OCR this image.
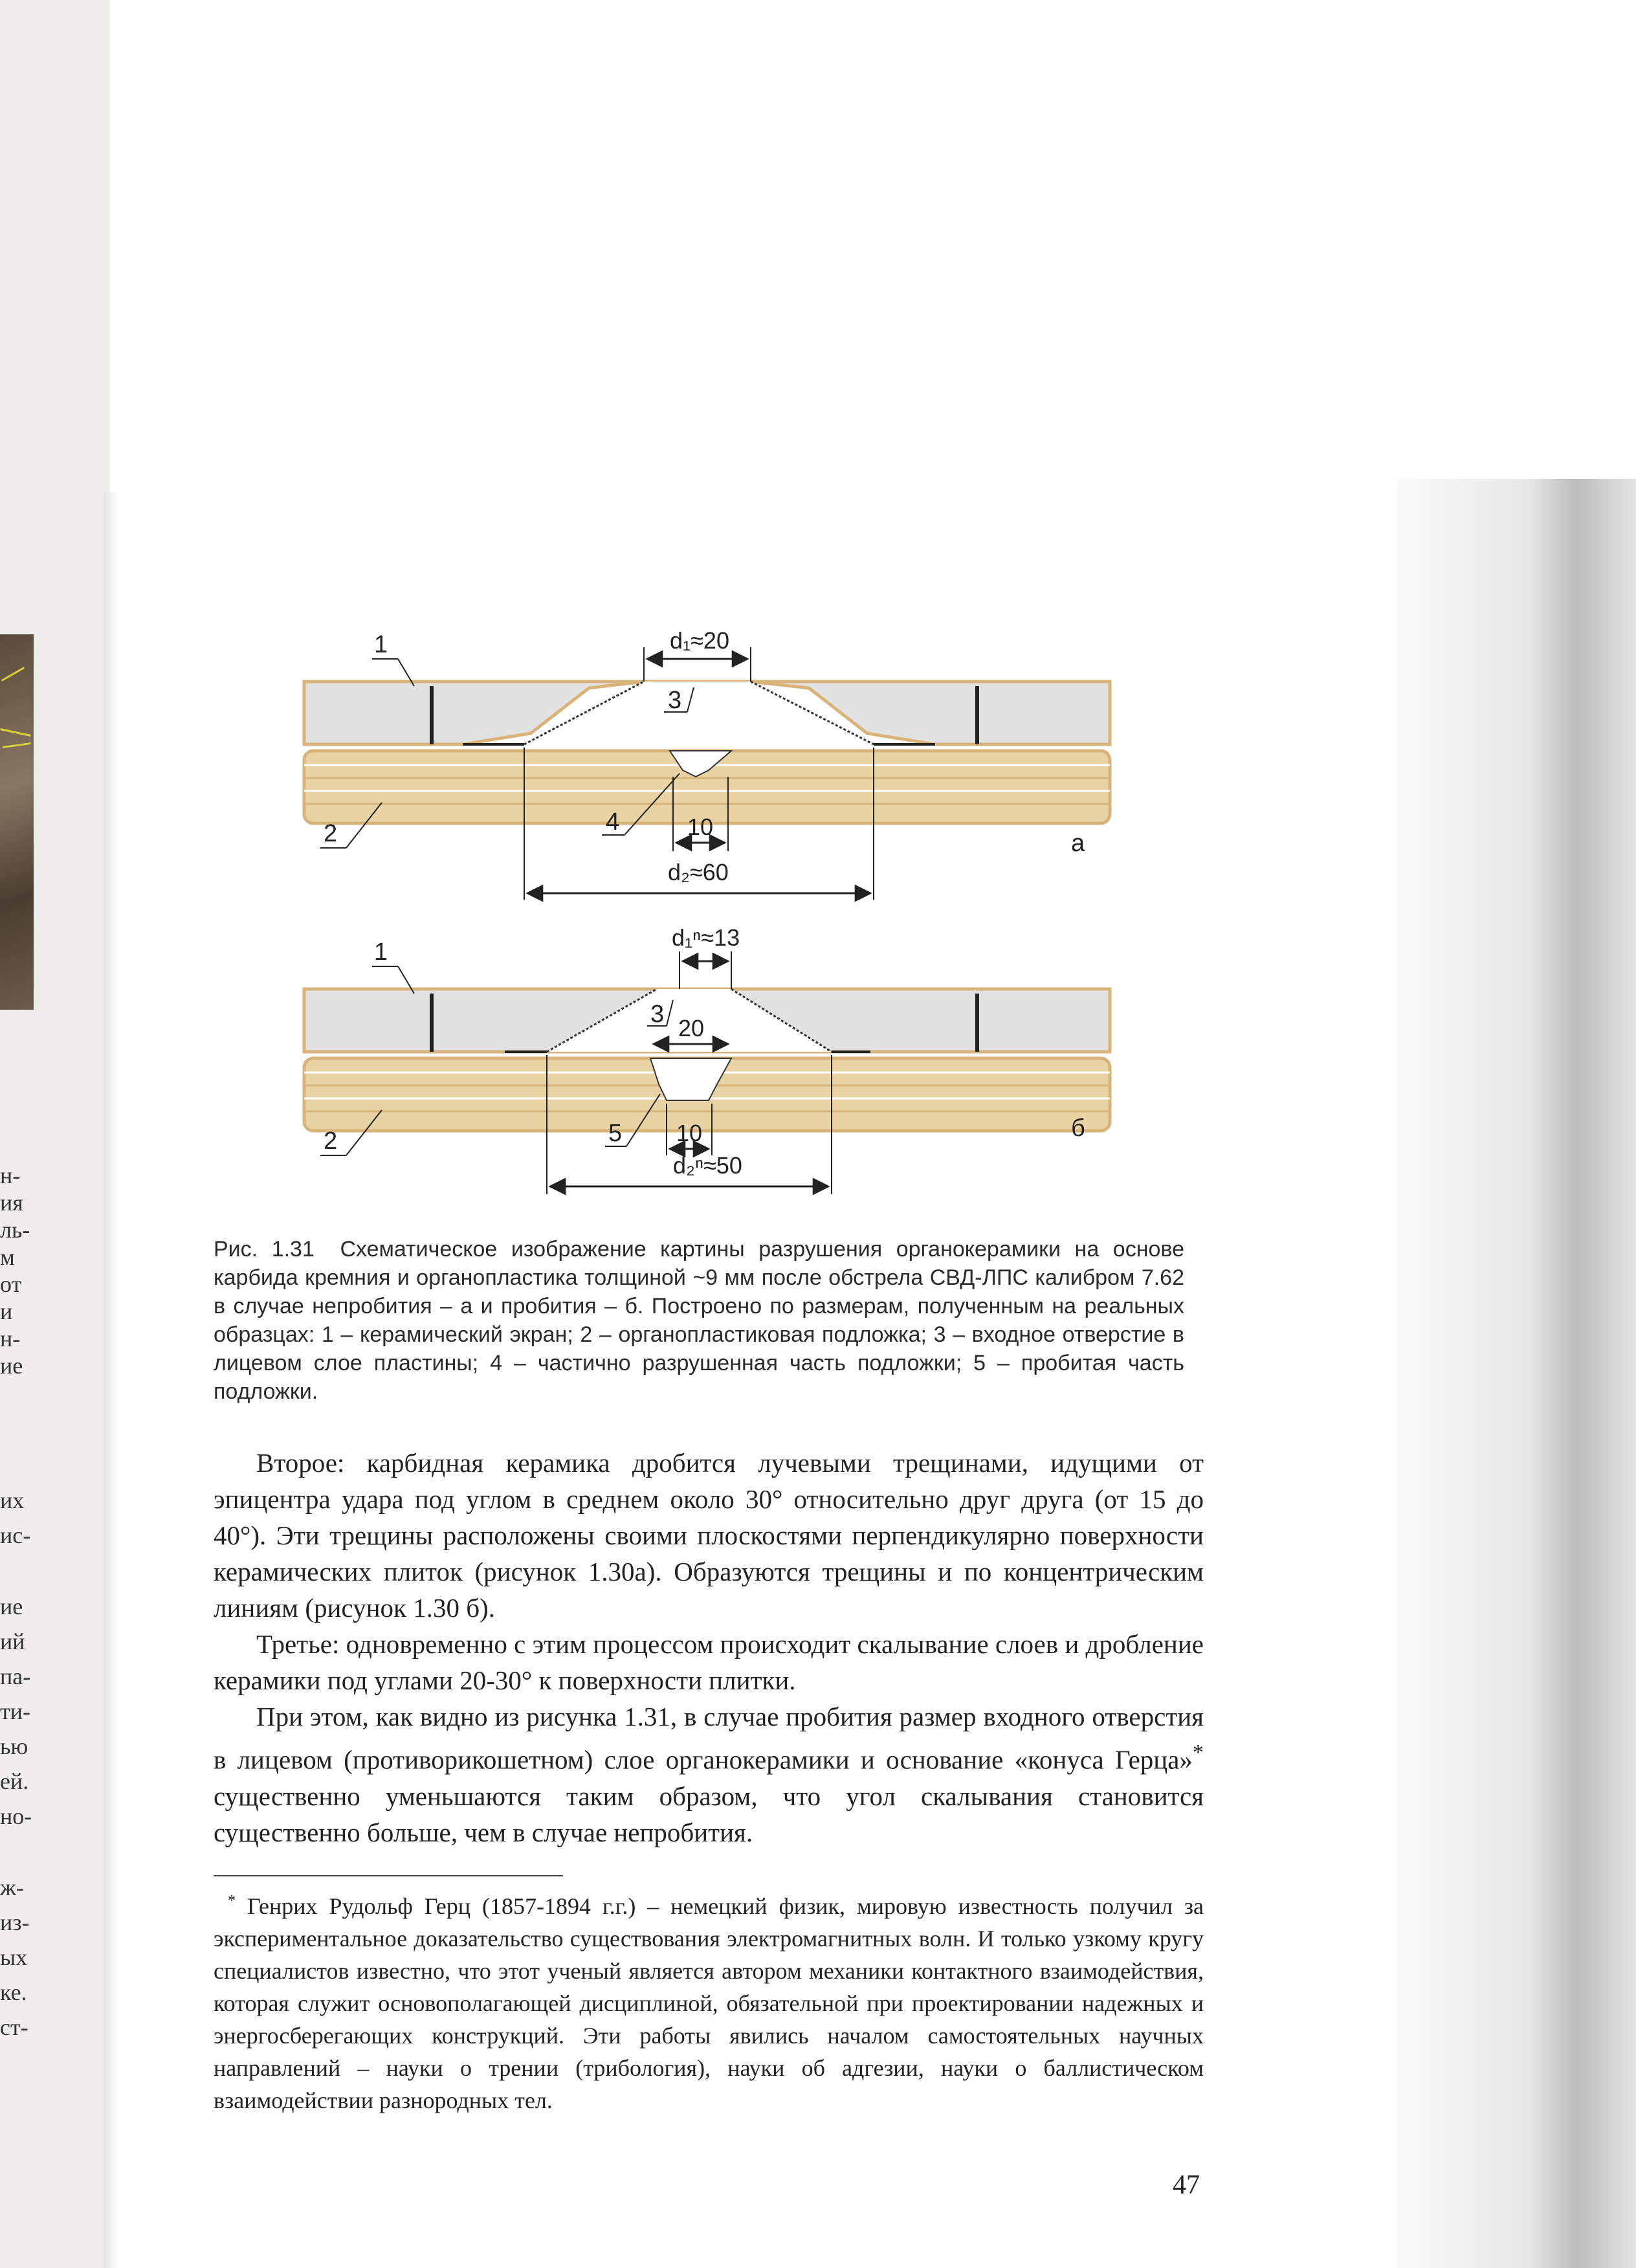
н-
ия
ль-
м
от
и
н-
ие
их
ис-
ие
ий
па-
ти-
ью
ей.
но-
ж-
из-
ых
ке.
ст-
d₁≈20
1
3
2	4	10
d₂≈60
а
d₁ⁿ≈13
1
3
20
2	5 10
d₂ⁿ≈50
б
Рис. 1.31 Схематическое изображение картины разрушения органокерамики на основе карбида кремния и органопластика толщиной ~9 мм после обстрела СВД-ЛПС калибром 7.62 в случае непробития – а и пробития – б. Построено по размерам, полученным на реальных образцах: 1 – керамический экран; 2 – органопластиковая подложка; 3 – входное отверстие в лицевом слое пластины; 4 – частично разрушенная часть подложки; 5 – пробитая часть подложки.

Второе: карбидная керамика дробится лучевыми трещинами, идущими от эпицентра удара под углом в среднем около 30° относительно друг друга (от 15 до 40°). Эти трещины расположены своими плоскостями перпендикулярно поверхности керамических плиток (рисунок 1.30а). Образуются трещины и по концентрическим линиям (рисунок 1.30 б).

Третье: одновременно с этим процессом происходит скалывание слоев и дробление керамики под углами 20-30° к поверхности плитки.

При этом, как видно из рисунка 1.31, в случае пробития размер входного отверстия в лицевом (противорикошетном) слое органокерамики и основание «конуса Герца»* существенно уменьшаются таким образом, что угол скалывания становится существенно больше, чем в случае непробития.

* Генрих Рудольф Герц (1857-1894 г.г.) – немецкий физик, мировую известность получил за экспериментальное доказательство существования электромагнитных волн. И только узкому кругу специалистов известно, что этот ученый является автором механики контактного взаимодействия, которая служит основополагающей дисциплиной, обязательной при проектировании надежных и энергосберегающих конструкций. Эти работы явились началом самостоятельных научных направлений – науки о трении (трибология), науки об адгезии, науки о баллистическом взаимодействии разнородных тел.

47
